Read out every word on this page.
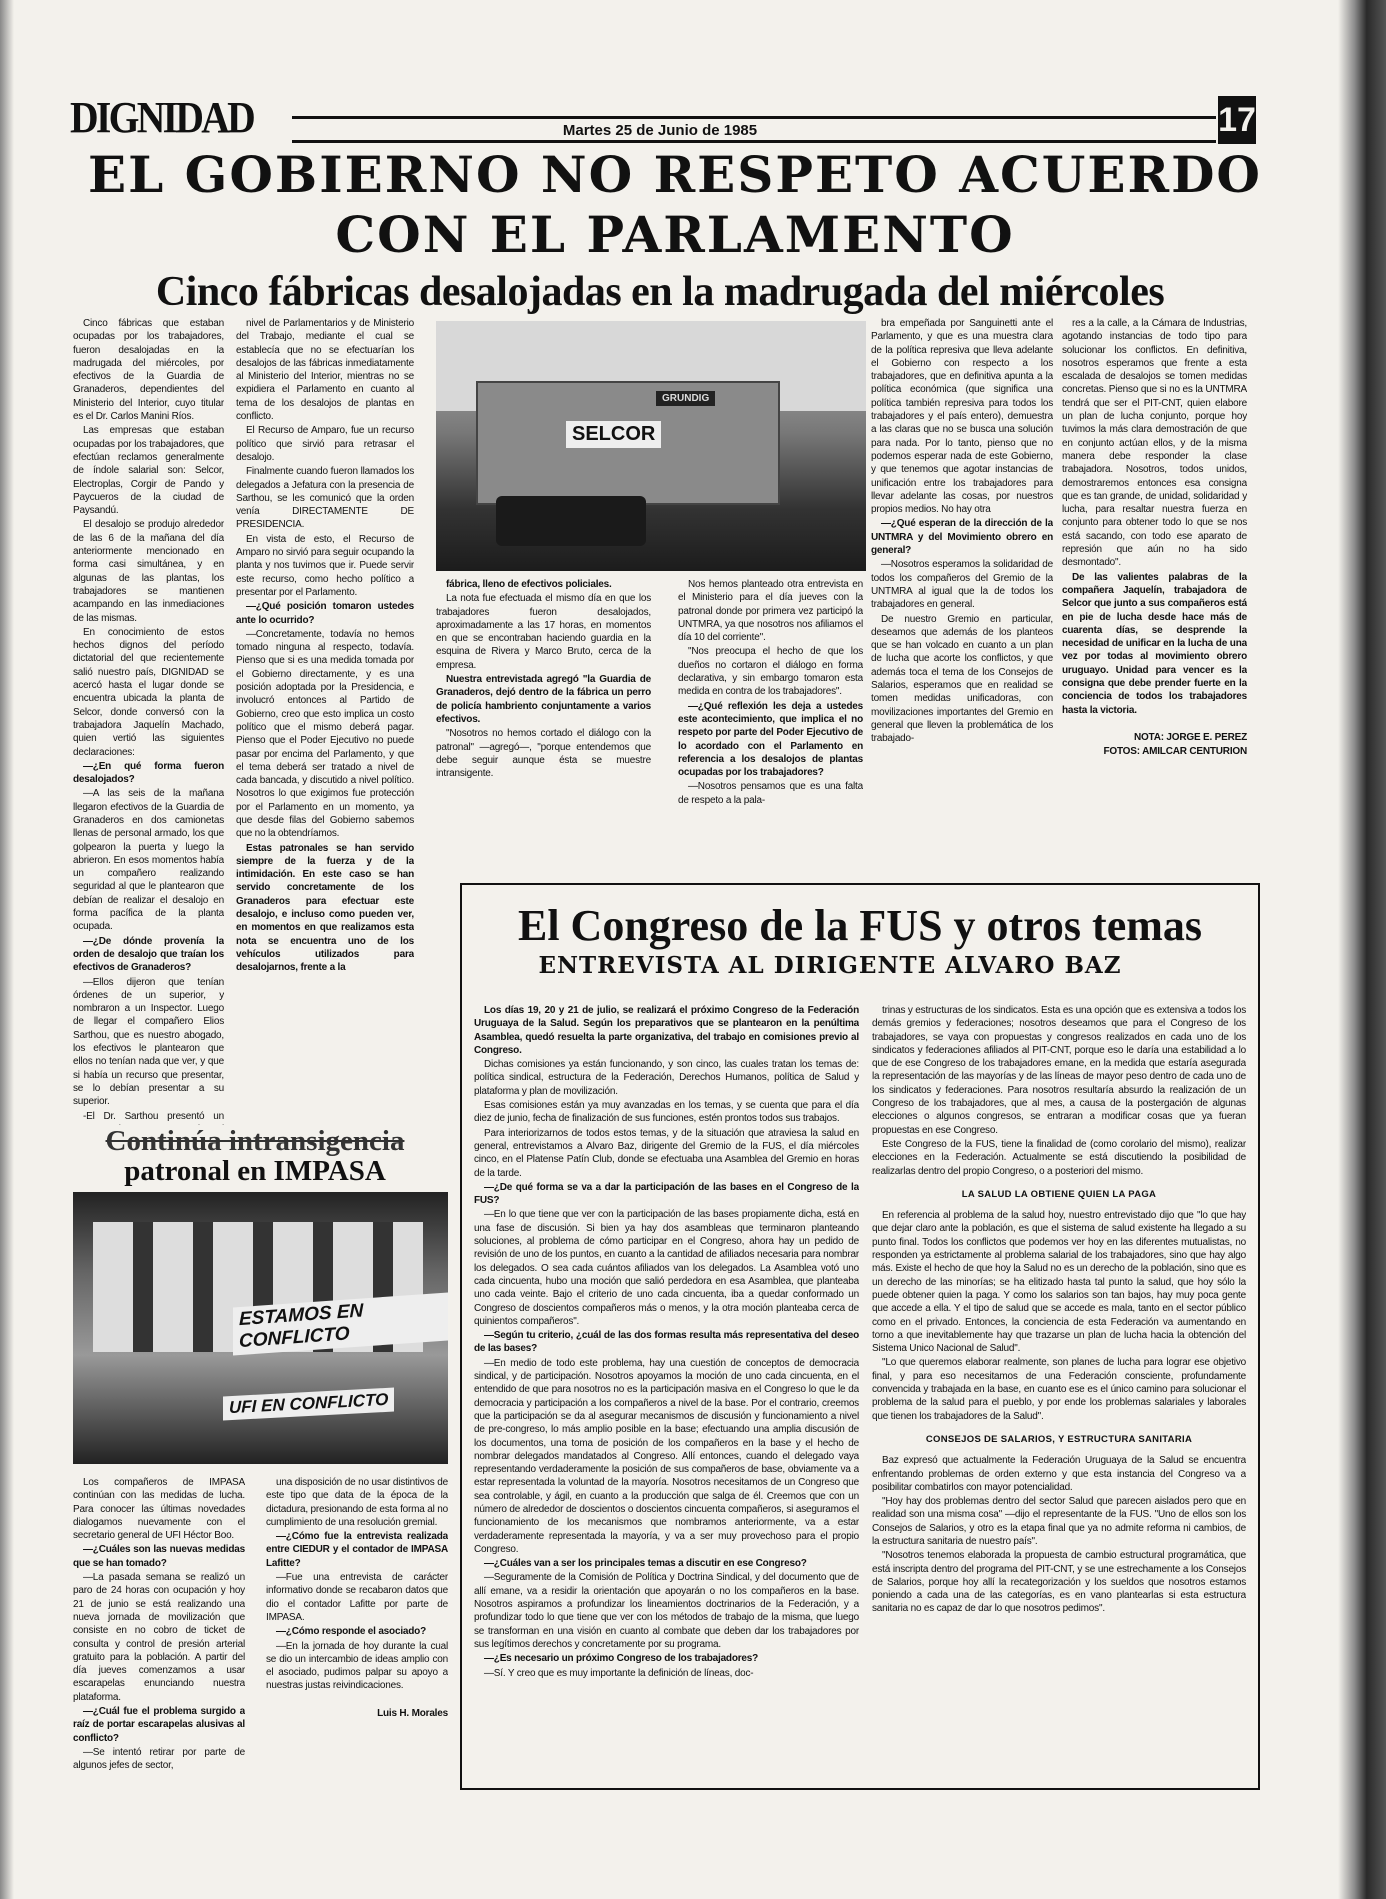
DIGNIDAD	Martes 25 de Junio de 1985	17
EL GOBIERNO NO RESPETO ACUERDO
CON EL PARLAMENTO
Cinco fábricas desalojadas en la madrugada del miércoles

Cinco fábricas que estaban ocupadas por los trabajadores, fueron desalojadas en la madrugada del miércoles, por efectivos de la Guardia de Granaderos, dependientes del Ministerio del Interior, cuyo titular es el Dr. Carlos Manini Ríos.

Las empresas que estaban ocupadas por los trabajadores, que efectúan reclamos generalmente de índole salarial son: Selcor, Electroplas, Corgir de Pando y Paycueros de la ciudad de Paysandú.

El desalojo se produjo alrededor de las 6 de la mañana del día anteriormente mencionado en forma casi simultánea, y en algunas de las plantas, los trabajadores se mantienen acampando en las inmediaciones de las mismas.

En conocimiento de estos hechos dignos del período dictatorial del que recientemente salió nuestro país, DIGNIDAD se acercó hasta el lugar donde se encuentra ubicada la planta de Selcor, donde conversó con la trabajadora Jaquelín Machado, quien vertió las siguientes declaraciones:

—¿En qué forma fueron desalojados?

—A las seis de la mañana llegaron efectivos de la Guardia de Granaderos en dos camionetas llenas de personal armado, los que golpearon la puerta y luego la abrieron. En esos momentos había un compañero realizando seguridad al que le plantearon que debían de realizar el desalojo en forma pacífica de la planta ocupada.

—¿De dónde provenía la orden de desalojo que traían los efectivos de Granaderos?

—Ellos dijeron que tenían órdenes de un superior, y nombraron a un Inspector. Luego de llegar el compañero Elios Sarthou, que es nuestro abogado, los efectivos le plantearon que ellos no tenían nada que ver, y que si había un recurso que presentar, se lo debían presentar a su superior.

-El Dr. Sarthou presentó un

nivel de Parlamentarios y de Ministerio del Trabajo, mediante el cual se establecía que no se efectuarían los desalojos de las fábricas inmediatamente al Ministerio del Interior, mientras no se expidiera el Parlamento en cuanto al tema de los desalojos de plantas en conflicto.

El Recurso de Amparo, fue un recurso político que sirvió para retrasar el desalojo.

Finalmente cuando fueron llamados los delegados a Jefatura con la presencia de Sarthou, se les comunicó que la orden venía DIRECTAMENTE DE PRESIDENCIA.

En vista de esto, el Recurso de Amparo no sirvió para seguir ocupando la planta y nos tuvimos que ir. Puede servir este recurso, como hecho político a presentar por el Parlamento.

—¿Qué posición tomaron ustedes ante lo ocurrido?

—Concretamente, todavía no hemos tomado ninguna al respecto, todavía. Pienso que si es una medida tomada por el Gobierno directamente, y es una posición adoptada por la Presidencia, e involucró entonces al Partido de Gobierno, creo que esto implica un costo político que el mismo deberá pagar. Pienso que el Poder Ejecutivo no puede pasar por encima del Parlamento, y que el tema deberá ser tratado a nivel de cada bancada, y discutido a nivel político. Nosotros lo que exigimos fue protección por el Parlamento en un momento, ya que desde filas del Gobierno sabemos que no la obtendríamos.

Estas patronales se han servido siempre de la fuerza y de la intimidación. En este caso se han servido concretamente de los Granaderos para efectuar este desalojo, e incluso como pueden ver, en momentos en que realizamos esta nota se encuentra uno de los vehículos utilizados para desalojarnos, frente a la

SELCOR
GRUNDIG

fábrica, lleno de efectivos policiales.

La nota fue efectuada el mismo día en que los trabajadores fueron desalojados, aproximadamente a las 17 horas, en momentos en que se encontraban haciendo guardia en la esquina de Rivera y Marco Bruto, cerca de la empresa.

Nuestra entrevistada agregó "la Guardia de Granaderos, dejó dentro de la fábrica un perro de policía hambriento conjuntamente a varios efectivos.

"Nosotros no hemos cortado el diálogo con la patronal" —agregó—, "porque entendemos que debe seguir aunque ésta se muestre intransigente.

Nos hemos planteado otra entrevista en el Ministerio para el día jueves con la patronal donde por primera vez participó la UNTMRA, ya que nosotros nos afiliamos el día 10 del corriente".

"Nos preocupa el hecho de que los dueños no cortaron el diálogo en forma declarativa, y sin embargo tomaron esta medida en contra de los trabajadores".

—¿Qué reflexión les deja a ustedes este acontecimiento, que implica el no respeto por parte del Poder Ejecutivo de lo acordado con el Parlamento en referencia a los desalojos de plantas ocupadas por los trabajadores?

—Nosotros pensamos que es una falta de respeto a la pala-

bra empeñada por Sanguinetti ante el Parlamento, y que es una muestra clara de la política represiva que lleva adelante el Gobierno con respecto a los trabajadores, que en definitiva apunta a la política económica (que significa una política también represiva para todos los trabajadores y el país entero), demuestra a las claras que no se busca una solución para nada. Por lo tanto, pienso que no podemos esperar nada de este Gobierno, y que tenemos que agotar instancias de unificación entre los trabajadores para llevar adelante las cosas, por nuestros propios medios. No hay otra

—¿Qué esperan de la dirección de la UNTMRA y del Movimiento obrero en general?

—Nosotros esperamos la solidaridad de todos los compañeros del Gremio de la UNTMRA al igual que la de todos los trabajadores en general.

De nuestro Gremio en particular, deseamos que además de los planteos que se han volcado en cuanto a un plan de lucha que acorte los conflictos, y que además toca el tema de los Consejos de Salarios, esperamos que en realidad se tomen medidas unificadoras, con movilizaciones importantes del Gremio en general que lleven la problemática de los trabajado-

res a la calle, a la Cámara de Industrias, agotando instancias de todo tipo para solucionar los conflictos. En definitiva, nosotros esperamos que frente a esta escalada de desalojos se tomen medidas concretas. Pienso que si no es la UNTMRA tendrá que ser el PIT-CNT, quien elabore un plan de lucha conjunto, porque hoy tuvimos la más clara demostración de que en conjunto actúan ellos, y de la misma manera debe responder la clase trabajadora. Nosotros, todos unidos, demostraremos entonces esa consigna que es tan grande, de unidad, solidaridad y lucha, para resaltar nuestra fuerza en conjunto para obtener todo lo que se nos está sacando, con todo ese aparato de represión que aún no ha sido desmontado".

De las valientes palabras de la compañera Jaquelín, trabajadora de Selcor que junto a sus compañeros está en pie de lucha desde hace más de cuarenta días, se desprende la necesidad de unificar en la lucha de una vez por todas al movimiento obrero uruguayo. Unidad para vencer es la consigna que debe prender fuerte en la conciencia de todos los trabajadores hasta la victoria.

NOTA: JORGE E. PEREZ

FOTOS: AMILCAR CENTURION

El Congreso de la FUS y otros temas
ENTREVISTA AL DIRIGENTE ALVARO BAZ

Los días 19, 20 y 21 de julio, se realizará el próximo Congreso de la Federación Uruguaya de la Salud. Según los preparativos que se plantearon en la penúltima Asamblea, quedó resuelta la parte organizativa, del trabajo en comisiones previo al Congreso.

Dichas comisiones ya están funcionando, y son cinco, las cuales tratan los temas de: política sindical, estructura de la Federación, Derechos Humanos, política de Salud y plataforma y plan de movilización.

Esas comisiones están ya muy avanzadas en los temas, y se cuenta que para el día diez de junio, fecha de finalización de sus funciones, estén prontos todos sus trabajos.

Para interiorizarnos de todos estos temas, y de la situación que atraviesa la salud en general, entrevistamos a Alvaro Baz, dirigente del Gremio de la FUS, el día miércoles cinco, en el Platense Patín Club, donde se efectuaba una Asamblea del Gremio en horas de la tarde.

—¿De qué forma se va a dar la participación de las bases en el Congreso de la FUS?

—En lo que tiene que ver con la participación de las bases propiamente dicha, está en una fase de discusión. Si bien ya hay dos asambleas que terminaron planteando soluciones, al problema de cómo participar en el Congreso, ahora hay un pedido de revisión de uno de los puntos, en cuanto a la cantidad de afiliados necesaria para nombrar los delegados. O sea cada cuántos afiliados van los delegados. La Asamblea votó uno cada cincuenta, hubo una moción que salió perdedora en esa Asamblea, que planteaba uno cada veinte. Bajo el criterio de uno cada cincuenta, iba a quedar conformado un Congreso de doscientos compañeros más o menos, y la otra moción planteaba cerca de quinientos compañeros".

—Según tu criterio, ¿cuál de las dos formas resulta más representativa del deseo de las bases?

—En medio de todo este problema, hay una cuestión de conceptos de democracia sindical, y de participación. Nosotros apoyamos la moción de uno cada cincuenta, en el entendido de que para nosotros no es la participación masiva en el Congreso lo que le da democracia y participación a los compañeros a nivel de la base. Por el contrario, creemos que la participación se da al asegurar mecanismos de discusión y funcionamiento a nivel de pre-congreso, lo más amplio posible en la base; efectuando una amplia discusión de los documentos, una toma de posición de los compañeros en la base y el hecho de nombrar delegados mandatados al Congreso. Allí entonces, cuando el delegado vaya representando verdaderamente la posición de sus compañeros de base, obviamente va a estar representada la voluntad de la mayoría. Nosotros necesitamos de un Congreso que sea controlable, y ágil, en cuanto a la producción que salga de él. Creemos que con un número de alrededor de doscientos o doscientos cincuenta compañeros, si aseguramos el funcionamiento de los mecanismos que nombramos anteriormente, va a estar verdaderamente representada la mayoría, y va a ser muy provechoso para el propio Congreso.

—¿Cuáles van a ser los principales temas a discutir en ese Congreso?

—Seguramente de la Comisión de Política y Doctrina Sindical, y del documento que de allí emane, va a residir la orientación que apoyarán o no los compañeros en la base. Nosotros aspiramos a profundizar los lineamientos doctrinarios de la Federación, y a profundizar todo lo que tiene que ver con los métodos de trabajo de la misma, que luego se transforman en una visión en cuanto al combate que deben dar los trabajadores por sus legítimos derechos y concretamente por su programa.

—¿Es necesario un próximo Congreso de los trabajadores?

—Sí. Y creo que es muy importante la definición de líneas, doc-

trinas y estructuras de los sindicatos. Esta es una opción que es extensiva a todos los demás gremios y federaciones; nosotros deseamos que para el Congreso de los trabajadores, se vaya con propuestas y congresos realizados en cada uno de los sindicatos y federaciones afiliados al PIT-CNT, porque eso le daría una estabilidad a lo que de ese Congreso de los trabajadores emane, en la medida que estaría asegurada la representación de las mayorías y de las líneas de mayor peso dentro de cada uno de los sindicatos y federaciones. Para nosotros resultaría absurdo la realización de un Congreso de los trabajadores, que al mes, a causa de la postergación de algunas elecciones o algunos congresos, se entraran a modificar cosas que ya fueran propuestas en ese Congreso.

Este Congreso de la FUS, tiene la finalidad de (como corolario del mismo), realizar elecciones en la Federación. Actualmente se está discutiendo la posibilidad de realizarlas dentro del propio Congreso, o a posteriori del mismo.

LA SALUD LA OBTIENE QUIEN LA PAGA

En referencia al problema de la salud hoy, nuestro entrevistado dijo que "lo que hay que dejar claro ante la población, es que el sistema de salud existente ha llegado a su punto final. Todos los conflictos que podemos ver hoy en las diferentes mutualistas, no responden ya estrictamente al problema salarial de los trabajadores, sino que hay algo más. Existe el hecho de que hoy la Salud no es un derecho de la población, sino que es un derecho de las minorías; se ha elitizado hasta tal punto la salud, que hoy sólo la puede obtener quien la paga. Y como los salarios son tan bajos, hay muy poca gente que accede a ella. Y el tipo de salud que se accede es mala, tanto en el sector público como en el privado. Entonces, la conciencia de esta Federación va aumentando en torno a que inevitablemente hay que trazarse un plan de lucha hacia la obtención del Sistema Unico Nacional de Salud".

"Lo que queremos elaborar realmente, son planes de lucha para lograr ese objetivo final, y para eso necesitamos de una Federación consciente, profundamente convencida y trabajada en la base, en cuanto ese es el único camino para solucionar el problema de la salud para el pueblo, y por ende los problemas salariales y laborales que tienen los trabajadores de la Salud".

CONSEJOS DE SALARIOS, Y ESTRUCTURA SANITARIA

Baz expresó que actualmente la Federación Uruguaya de la Salud se encuentra enfrentando problemas de orden externo y que esta instancia del Congreso va a posibilitar combatirlos con mayor potencialidad.

"Hoy hay dos problemas dentro del sector Salud que parecen aislados pero que en realidad son una misma cosa" —dijo el representante de la FUS. "Uno de ellos son los Consejos de Salarios, y otro es la etapa final que ya no admite reforma ni cambios, de la estructura sanitaria de nuestro país".

"Nosotros tenemos elaborada la propuesta de cambio estructural programática, que está inscripta dentro del programa del PIT-CNT, y se une estrechamente a los Consejos de Salarios, porque hoy allí la recategorización y los sueldos que nosotros estamos poniendo a cada una de las categorías, es en vano plantearlas si esta estructura sanitaria no es capaz de dar lo que nosotros pedimos".

Continúa intransigencia
patronal en IMPASA
ESTAMOS EN CONFLICTO
UFI EN CONFLICTO

Los compañeros de IMPASA continúan con las medidas de lucha. Para conocer las últimas novedades dialogamos nuevamente con el secretario general de UFI Héctor Boo.

—¿Cuáles son las nuevas medidas que se han tomado?

—La pasada semana se realizó un paro de 24 horas con ocupación y hoy 21 de junio se está realizando una nueva jornada de movilización que consiste en no cobro de ticket de consulta y control de presión arterial gratuito para la población. A partir del día jueves comenzamos a usar escarapelas enunciando nuestra plataforma.

—¿Cuál fue el problema surgido a raíz de portar escarapelas alusivas al conflicto?

—Se intentó retirar por parte de algunos jefes de sector,

una disposición de no usar distintivos de este tipo que data de la época de la dictadura, presionando de esta forma al no cumplimiento de una resolución gremial.

—¿Cómo fue la entrevista realizada entre CIEDUR y el contador de IMPASA Lafitte?

—Fue una entrevista de carácter informativo donde se recabaron datos que dio el contador Lafitte por parte de IMPASA.

—¿Cómo responde el asociado?

—En la jornada de hoy durante la cual se dio un intercambio de ideas amplio con el asociado, pudimos palpar su apoyo a nuestras justas reivindicaciones.

Luis H. Morales
